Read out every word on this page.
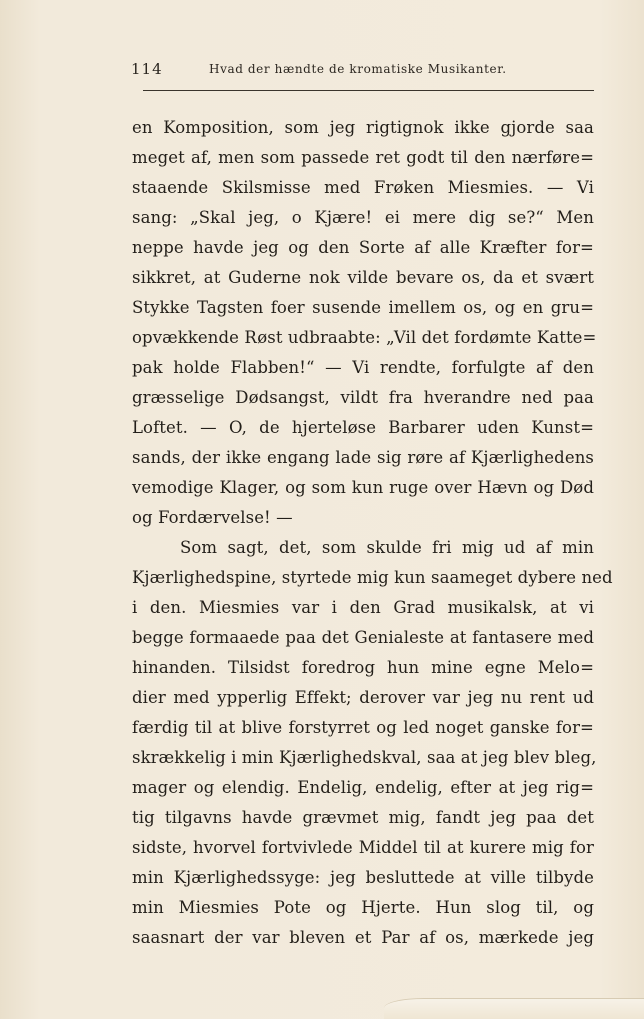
114	Hvad der hændte de kromatiske Musikanter.
en Komposition, som jeg rigtignok ikke gjorde saa
meget af, men som passede ret godt til den nærføre=
staaende Skilsmisse med Frøken Miesmies. — Vi
sang: „Skal jeg, o Kjære! ei mere dig se?“ Men
neppe havde jeg og den Sorte af alle Kræfter for=
sikkret, at Guderne nok vilde bevare os, da et svært
Stykke Tagsten foer susende imellem os, og en gru=
opvækkende Røst udbraabte: „Vil det fordømte Katte=
pak holde Flabben!“ — Vi rendte, forfulgte af den
græsselige Dødsangst, vildt fra hverandre ned paa
Loftet. — O, de hjerteløse Barbarer uden Kunst=
sands, der ikke engang lade sig røre af Kjærlighedens
vemodige Klager, og som kun ruge over Hævn og Død
og Fordærvelse! —
Som sagt, det, som skulde fri mig ud af min
Kjærlighedspine, styrtede mig kun saameget dybere ned
i den. Miesmies var i den Grad musikalsk, at vi
begge formaaede paa det Genialeste at fantasere med
hinanden. Tilsidst foredrog hun mine egne Melo=
dier med ypperlig Effekt; derover var jeg nu rent ud
færdig til at blive forstyrret og led noget ganske for=
skrækkelig i min Kjærlighedskval, saa at jeg blev bleg,
mager og elendig. Endelig, endelig, efter at jeg rig=
tig tilgavns havde grævmet mig, fandt jeg paa det
sidste, hvorvel fortvivlede Middel til at kurere mig for
min Kjærlighedssyge: jeg besluttede at ville tilbyde
min Miesmies Pote og Hjerte. Hun slog til, og
saasnart der var bleven et Par af os, mærkede jeg
